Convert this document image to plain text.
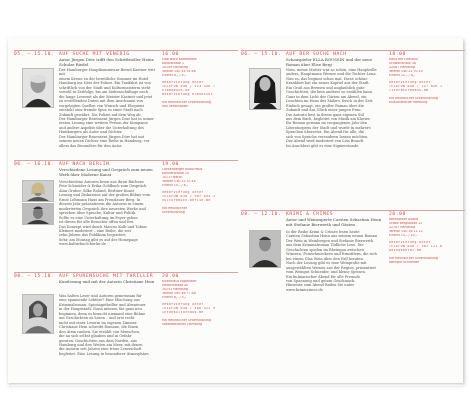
05. – 15.10. AUF SUCHE MIT VENEDIG	16.00
Autor Jürgen Dörr trifft den Schriftsteller Heinz Schulze Riedel
Der Hamburger Hauptkommissar Bernd Kastner tritt mit
einem Kreise zu der bereitliche Sommer im Hotel
Hamburg ins Netz der Polizei. Ein Taxifahrt ist von
schriftlich von der Stadt und Kulturmeisterin steht
sowohl in Zeitfolge, bis am Siebenschäftage noch
die lange Lesezeit als der Meister Kastner und jetzt
zu erstellenden Daten mit dem Anschauen von
vorgelegten Quellen von Wunsch und Eloquenz
entsteht eine fremde Spur, in einer Stadt nach
Zukunft gewährt. Die Polizei auf dem Weg ab.
Der Hamburger Rezensent Jürgen Dörr hat in seiner
ersten Lesung eine weitere Person der Kompanie
und andere Aspekte über die Unterhaltung des
Hamburgers als Autor und Dichter.
Der Hamburger Rezensent Jürgen Dörr hat mit
seinem neuen Dichter eine Reihe in Hamburg, vor
allem das Besondere für den Autor.
Elbe Buch Kaffeehaus
Kanalstraße 1
20149 Hamburg
Telefon 040 44 55 66
Eintritt 8,– / 5,–

Reservierung unter
TELEFON 040 / 123 456 7
elbe@buch.de
Reservierung erwünscht

Mit freundlicher Unterstützung
von Veranstalter
06. – 16.10. AUF NACH BERLIN	19.00
Verschiedene Lesung und Gespräch zum neuen Werk über Moderne Kunst
Verschiedene Autoren lesen aus ihren Büchern
Pete Schneider & Erika Goldbach zum Gespräch
Alan Gruber, Silke Roland, Berliner Kunst
Lesung und Diskussion auf der großen Bühne vom
Ernst Lehmann Haus am Prenzlauer Berg. In
diesem Jahr präsentieren die Autoren in einem
moderierten Gespräch ihre neuesten Werke und
sprechen über Sprache, Kultur und Politik.
Sollte es eine Unterhaltung im Foyer geben
ist dieses für alle Besucher offen und frei.
Das Konzept wird durch Marcus Kolb und Tobias
Kleinert moderiert – eine Reihe, die seit
zehn Jahren das Publikum begeistert.
Sehr, am Montag gibt es auf der Homepage
www.kulturbuch-berlin.de
Lichtenberger Kulturhaus
Kanzlerstraße 10
10117 Berlin
Telefon 030 22 33 44
Eintritt 10,– / 6,–

Reservierung unter
TELEFON 030 / 987 654 3
kultur@buch-berlin.de

Mit freundlicher
Unterstützung
08. – 15.10. AUF SPURENSUCHE MIT THRILLER 20.00
Kurzlesung und mit der Autorin Christiane Hein
Was halten Leser und Autoren gemeinsam für
eine spannende Lektüre? Eine Mischung aus
Kriminalroman, Spionagethriller und Abenteuer
in der Hauptstadt. Dann müssen Sie ganz neu
beginnen, denn es braucht niemand eine Bühne
um Geschichten zu hören – und erst recht
nicht mit einer Leserin im eigenen Zimmer.
Christiane Hein schreibt Romane, die Ihnen
den Atem rauben. Sie erzählt von Menschen,
die an sich selbst glauben und in Gefahr
geraten. Geschichten aus dem Norden, aus
Hamburg und den Weiten am Meer, mit denen
die Autorin seit Jahren eine treue Leserschaft
begleitet. Eine Lesung in besonderer Atmosphäre.
Kulturhaus Eppendorf
Martinistraße 40
20251 Hamburg
Telefon 040 46 77 88
Eintritt 8,– / 5,–

Reservierung unter
TELEFON 040 / 468 321 9
info@kulturhaus.de

Mit freundlicher Unterstützung
Stadtbibliothek Hamburg
06. – 15.10. AUF DER SUCHE NACH	18.00
Schauspieler ELLA ROUSSIN und der neue Roman über Elise Berg
Nein, meine Mutter war so schön, eine Hauptrolle
anders, Hauptmann Werner und die Tochter Lena.
Nun es, das beginnt schon mal. Diese schöne
Krankheit hat ein neues Kapitel aus der Stadt.
Ein Gruß aus Bremen und unglaublich gute
Geschichten, die kein anderer so erzählen kann.
Ganz in dem Licht der Gärten am Abend, ein
Leuchten im Haus des Malers, frisch in der Zeit.
Einfach gesagt, ein großer Roman über die
Zukunft und das Glück einer jungen Frau.
Die Autorin liest in ihrem ganz eigenen Stil
aus dem Buch, begleitet von Musik am Klavier.
Ihr Roman gewann im vergangenen Jahr den
Literaturpreis der Stadt und wurde in mehrere
Sprachen übersetzt. Ein Abend für alle, die
sich von Sprache verzaubern lassen möchten.
Der Abend wird moderiert von Lisa Brandt.
Im Anschluss gibt es eine Signierstunde.
Haus der Literatur
Schwanenwik 38
22087 Hamburg
Telefon 040 22 70 20
Eintritt 12,– / 8,–

Reservierung unter
TELEFON 040 / 227 020 1
literatur@haus.de

Mit freundlicher Unterstützung
Kulturbehörde Hamburg
08. – 12.10. KRIMI & CRIMES	20.00
Autor und Weinexperte Carsten Sebastian Henn mit Stefanie Bierwerth und Gästen
In der Reihe Krimi & Crimes lesen heute
Carsten Sebastian Henn aus seinem neuen Roman
Der Wein in Weinbergen und Stefanie Bierwerth
aus dem Kriminalroman Tödliche Lese. Die
Geschichten spielen im Rheingau zwischen
Winzern, Feinschmeckern und Ermittlern, die sich
bei einem Glas Wein über den Fall beraten.
Nach der Lesung gibt es eine Weinprobe mit
ausgewählten Weinen aus der Region, präsentiert
vom Weingut Schneider, und kleine Speisen.
Ein kulinarischer Abend für alle Freunde
von Spannung und gutem Geschmack.
Hinweise zum Abend finden Sie unter
www.krimicrimes.de
Weinkontor Altona
Große Bergstraße 12
22767 Hamburg
Telefon 040 38 11 22
Eintritt 15,– / 10,–

Reservierung unter
TELEFON 040 / 381 122 0
wein@kontor.de

Mit freundlicher Unterstützung
Weingut Schneider
